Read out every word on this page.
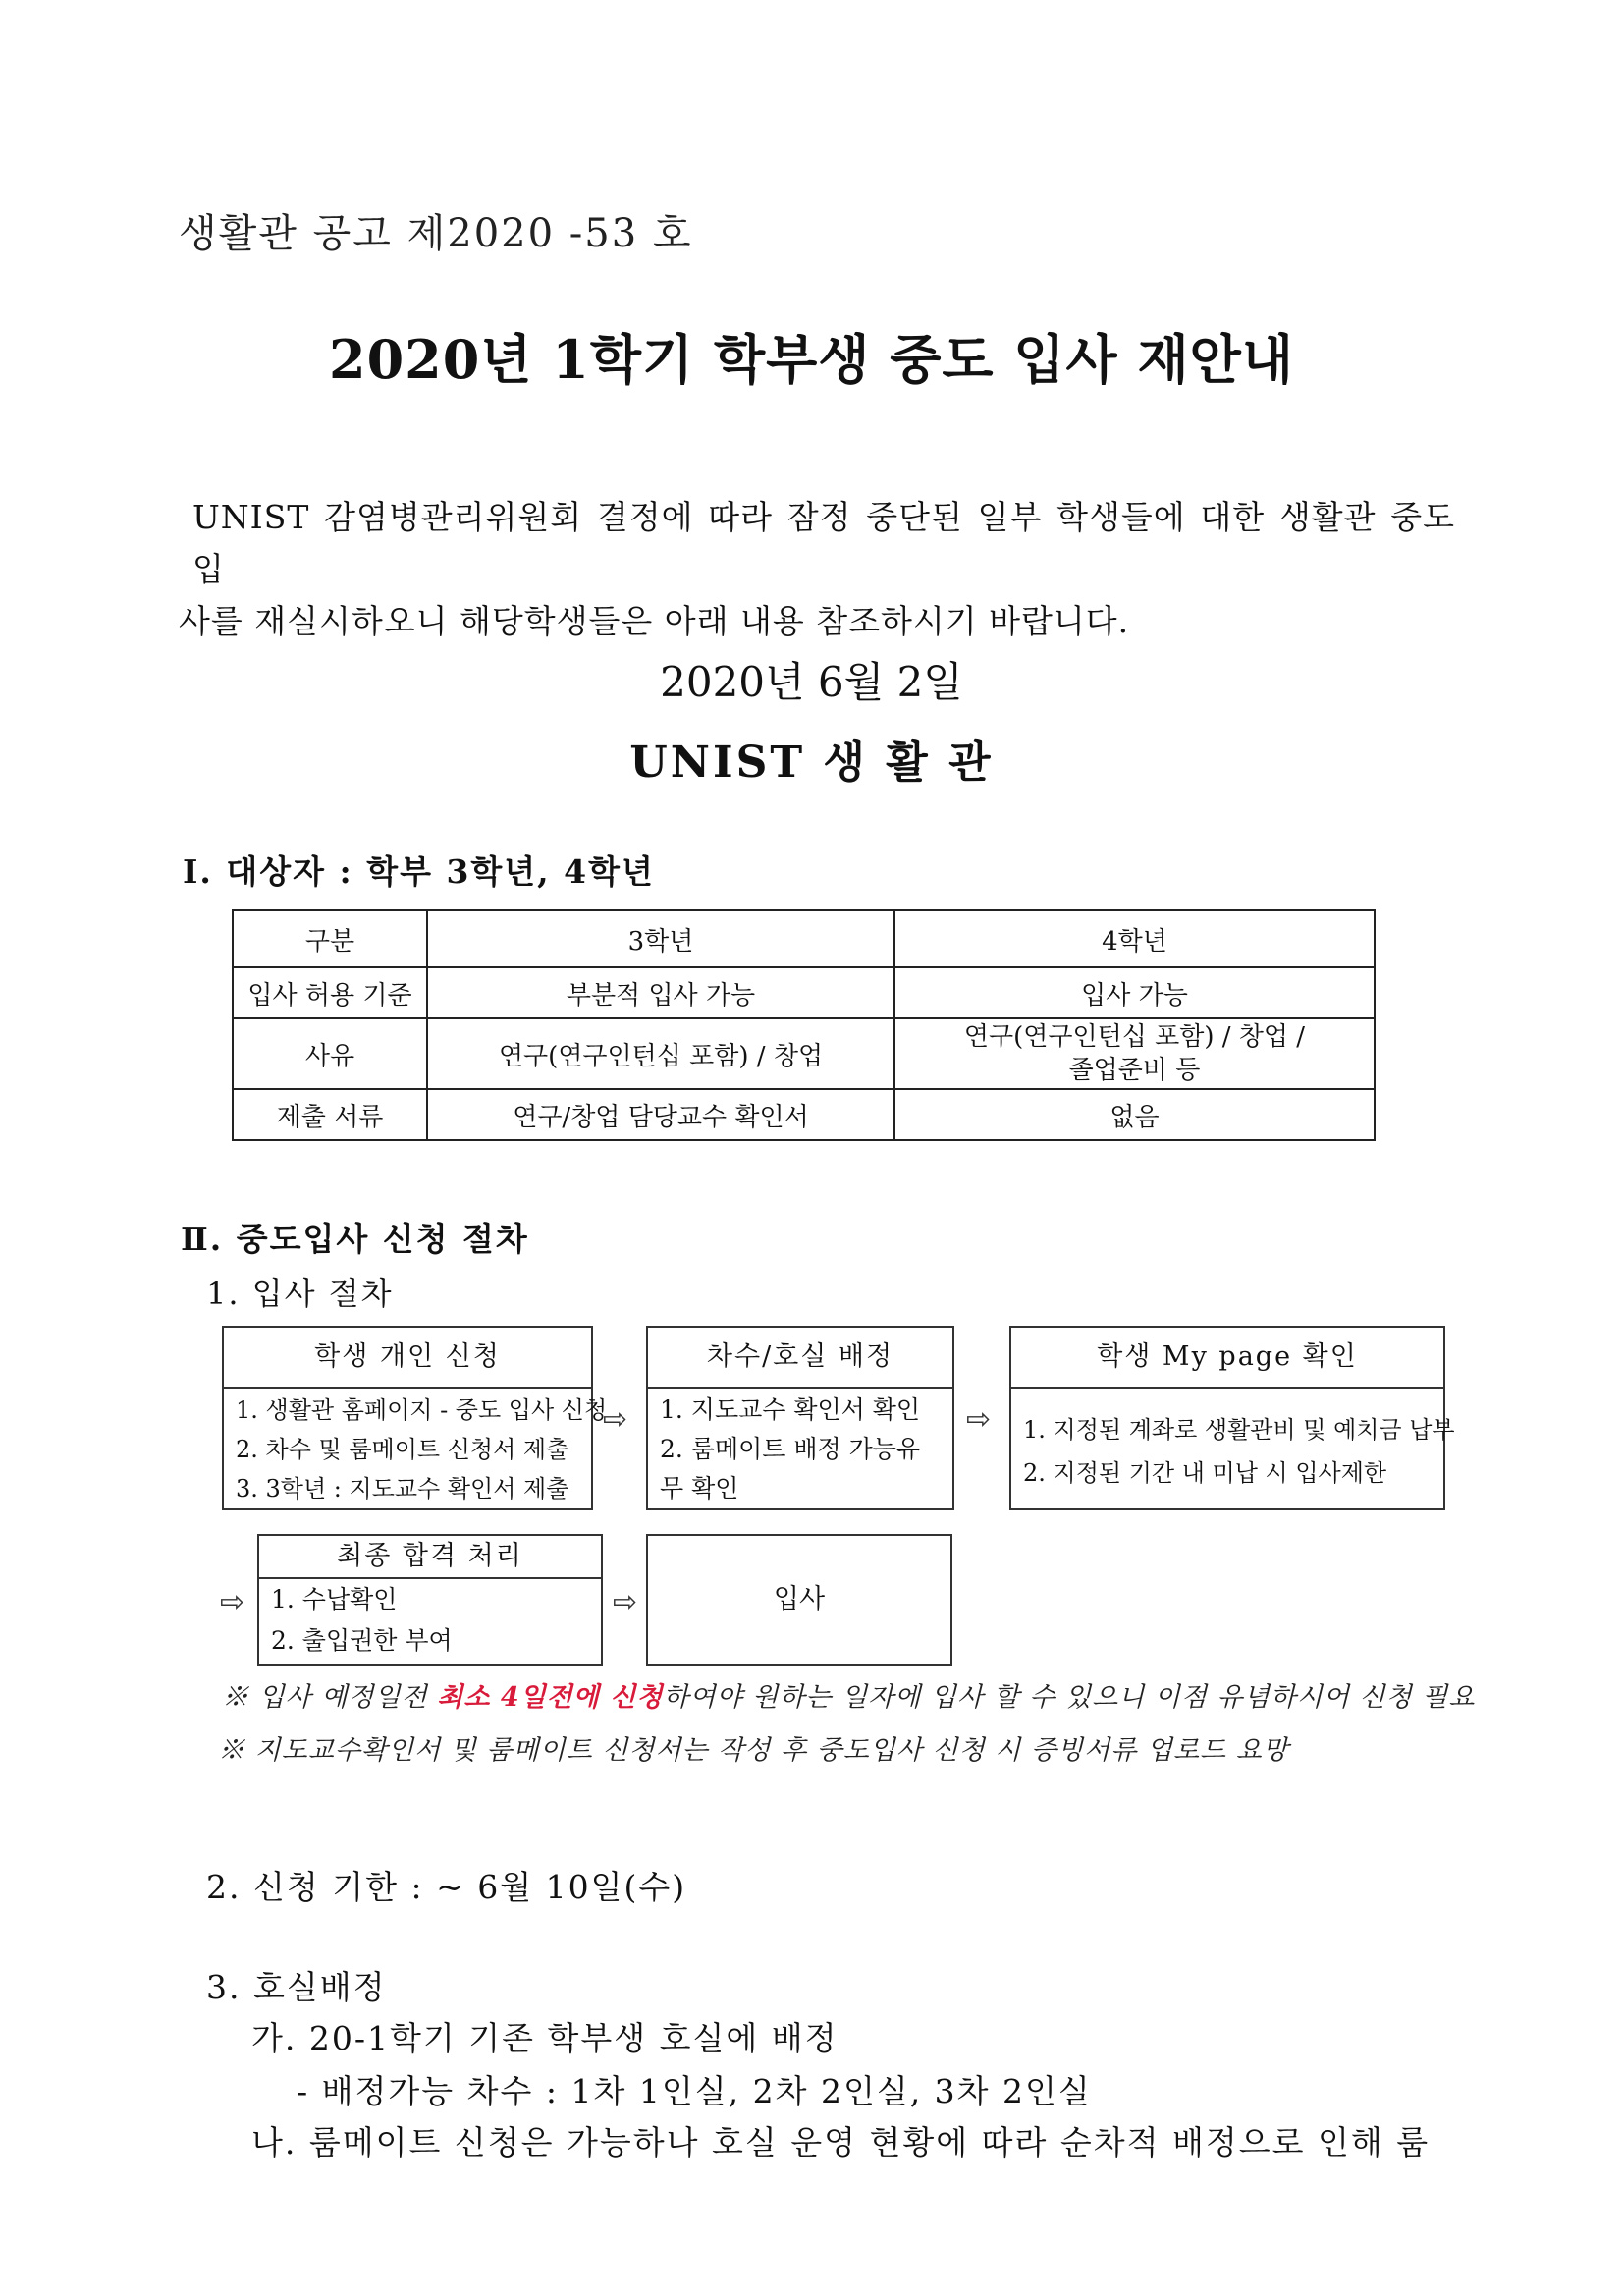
생활관 공고 제2020 -53 호
2020년 1학기 학부생 중도 입사 재안내
UNIST 감염병관리위원회 결정에 따라 잠정 중단된 일부 학생들에 대한 생활관 중도 입
사를 재실시하오니 해당학생들은 아래 내용 참조하시기 바랍니다.
2020년 6월 2일
UNIST 생 활 관
Ⅰ. 대상자 : 학부 3학년, 4학년
구분	3학년	4학년
입사 허용 기준	부분적 입사 가능	입사 가능
사유	연구(연구인턴십 포함) / 창업	연구(연구인턴십 포함) / 창업 /
졸업준비 등

제출 서류	연구/창업 담당교수 확인서	없음
Ⅱ. 중도입사 신청 절차
1. 입사 절차
학생 개인 신청
1. 생활관 홈페이지 - 중도 입사 신청
2. 차수 및 룸메이트 신청서 제출
3. 3학년 : 지도교수 확인서 제출
⇨
차수/호실 배정
1. 지도교수 확인서 확인
2. 룸메이트 배정 가능유
무 확인
⇨
학생 My page 확인
1. 지정된 계좌로 생활관비 및 예치금 납부
2. 지정된 기간 내 미납 시 입사제한
⇨
최종 합격 처리
1. 수납확인
2. 출입권한 부여
⇨	입사
※ 입사 예정일전 최소 4일전에 신청하여야 원하는 일자에 입사 할 수 있으니 이점 유념하시어 신청 필요
※ 지도교수확인서 및 룸메이트 신청서는 작성 후 중도입사 신청 시 증빙서류 업로드 요망
2. 신청 기한 : ~ 6월 10일(수)
3. 호실배정
가. 20-1학기 기존 학부생 호실에 배정
- 배정가능 차수 : 1차 1인실, 2차 2인실, 3차 2인실
나. 룸메이트 신청은 가능하나 호실 운영 현황에 따라 순차적 배정으로 인해 룸
